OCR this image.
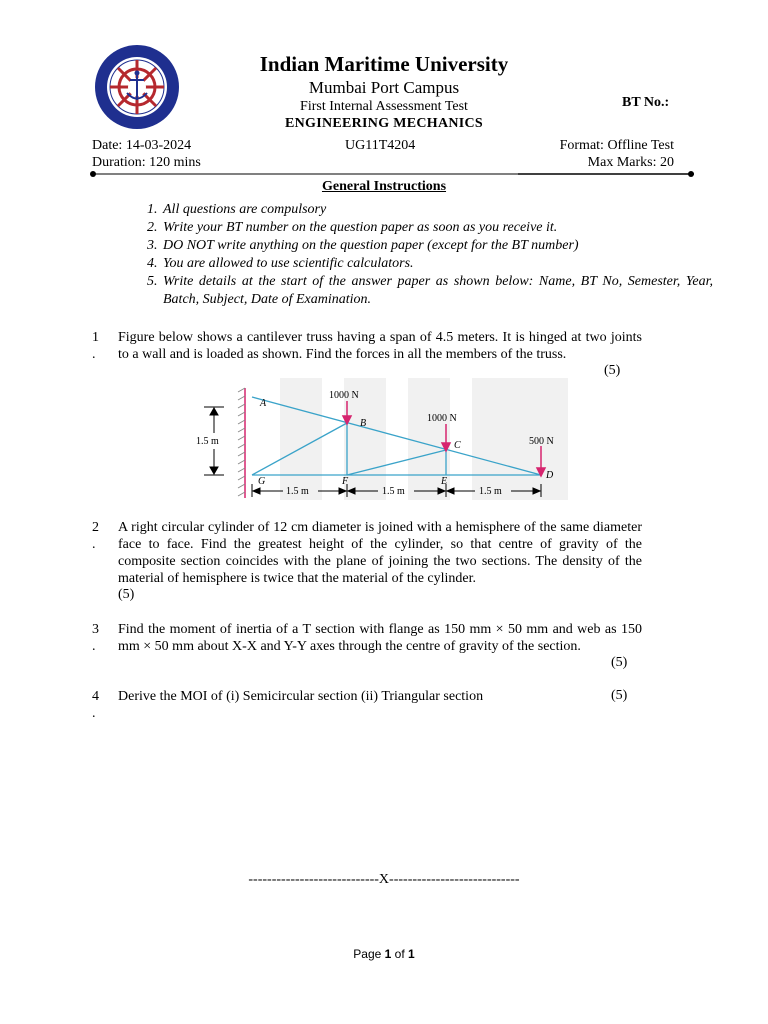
Indian Maritime University
Mumbai Port Campus
First Internal Assessment Test
ENGINEERING MECHANICS
BT No.:
Date: 14-03-2024	UG11T4204	Format: Offline Test
Duration: 120 mins	Max Marks: 20
General Instructions
1. All questions are compulsory
2. Write your BT number on the question paper as soon as you receive it.
3. DO NOT write anything on the question paper (except for the BT number)
4. You are allowed to use scientific calculators.
5. Write details at the start of the answer paper as shown below: Name, BT No, Semester, Year, Batch, Subject, Date of Examination.
1
.
Figure below shows a cantilever truss having a span of 4.5 meters. It is hinged at two joints to a wall and is loaded as shown. Find the forces in all the members of the truss.
(5)
1000 N
1000 N
500 N
A
B
C
D
E
F
G
1.5 m
1.5 m	1.5 m	1.5 m
2
.
A right circular cylinder of 12 cm diameter is joined with a hemisphere of the same diameter face to face. Find the greatest height of the cylinder, so that centre of gravity of the composite section coincides with the plane of joining the two sections. The density of the material of hemisphere is twice that the material of the cylinder.
(5)
3
.
Find the moment of inertia of a T section with flange as 150 mm × 50 mm and web as 150 mm × 50 mm about X-X and Y-Y axes through the centre of gravity of the section.
(5)
4
.
Derive the MOI of (i) Semicircular section (ii) Triangular section	(5)
----------------------------X----------------------------
Page 1 of 1
